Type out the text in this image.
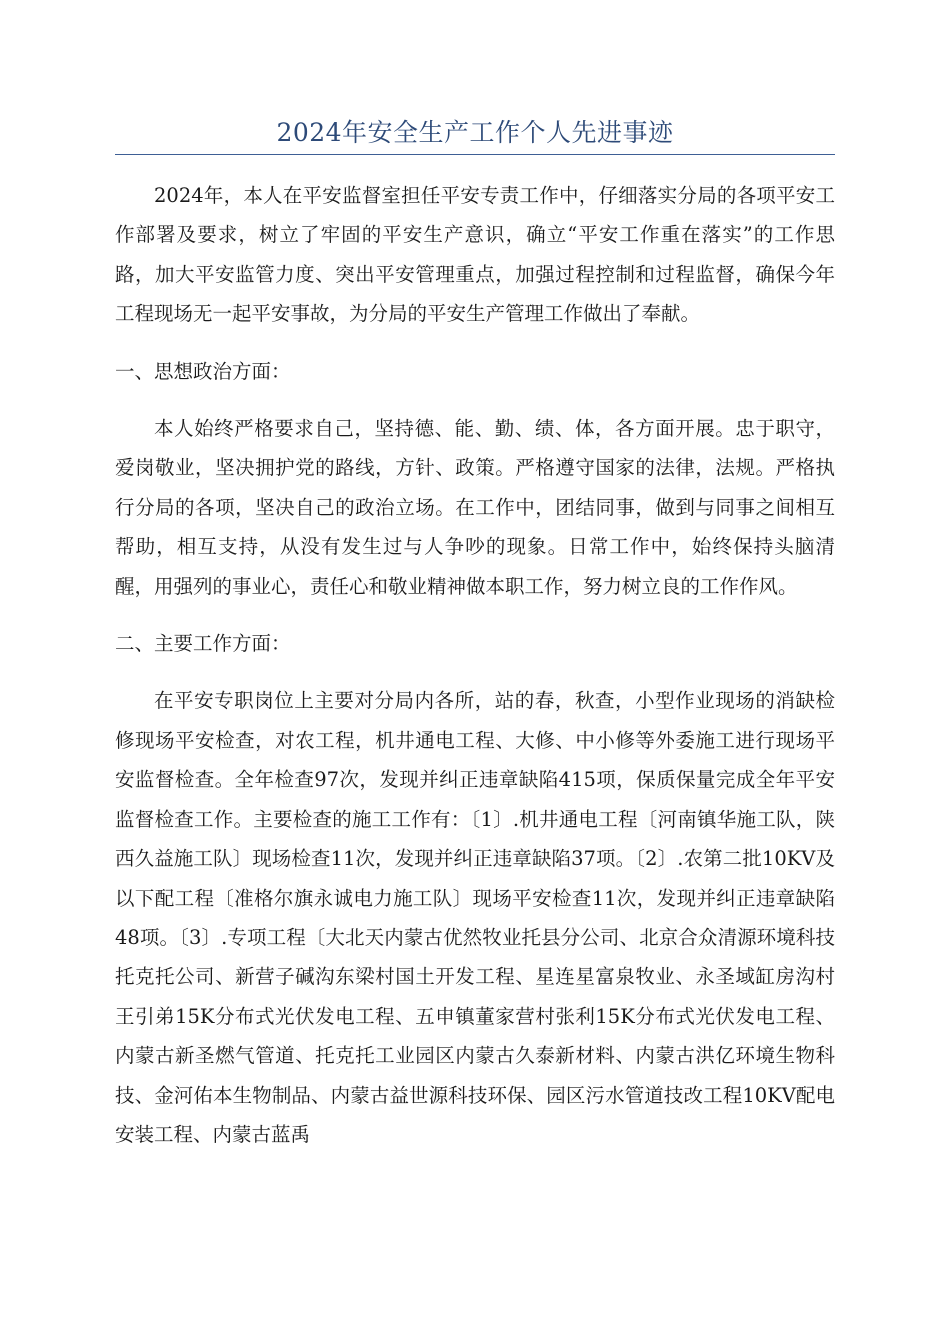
2024年安全生产工作个人先进事迹

2024年，本人在平安监督室担任平安专责工作中，仔细落实分局的各项平安工作部署及要求，树立了牢固的平安生产意识，确立“平安工作重在落实”的工作思路，加大平安监管力度、突出平安管理重点，加强过程控制和过程监督，确保今年工程现场无一起平安事故，为分局的平安生产管理工作做出了奉献。

一、思想政治方面：

本人始终严格要求自己，坚持德、能、勤、绩、体，各方面开展。忠于职守，爱岗敬业，坚决拥护党的路线，方针、政策。严格遵守国家的法律，法规。严格执行分局的各项，坚决自己的政治立场。在工作中，团结同事，做到与同事之间相互帮助，相互支持，从没有发生过与人争吵的现象。日常工作中，始终保持头脑清醒，用强列的事业心，责任心和敬业精神做本职工作，努力树立良的工作作风。

二、主要工作方面：

在平安专职岗位上主要对分局内各所，站的春，秋查，小型作业现场的消缺检修现场平安检查，对农工程，机井通电工程、大修、中小修等外委施工进行现场平安监督检查。全年检查97次，发现并纠正违章缺陷415项，保质保量完成全年平安监督检查工作。主要检查的施工工作有：〔1〕.机井通电工程〔河南镇华施工队，陕西久益施工队〕现场检查11次，发现并纠正违章缺陷37项。〔2〕.农第二批10KV及以下配工程〔准格尔旗永诚电力施工队〕现场平安检查11次，发现并纠正违章缺陷48项。〔3〕.专项工程〔大北天内蒙古优然牧业托县分公司、北京合众清源环境科技托克托公司、新营子碱沟东梁村国土开发工程、星连星富泉牧业、永圣域缸房沟村王引弟15K分布式光伏发电工程、五申镇董家营村张利15K分布式光伏发电工程、内蒙古新圣燃气管道、托克托工业园区内蒙古久泰新材料、内蒙古洪亿环境生物科技、金河佑本生物制品、内蒙古益世源科技环保、园区污水管道技改工程10KV配电安装工程、内蒙古蓝禹
